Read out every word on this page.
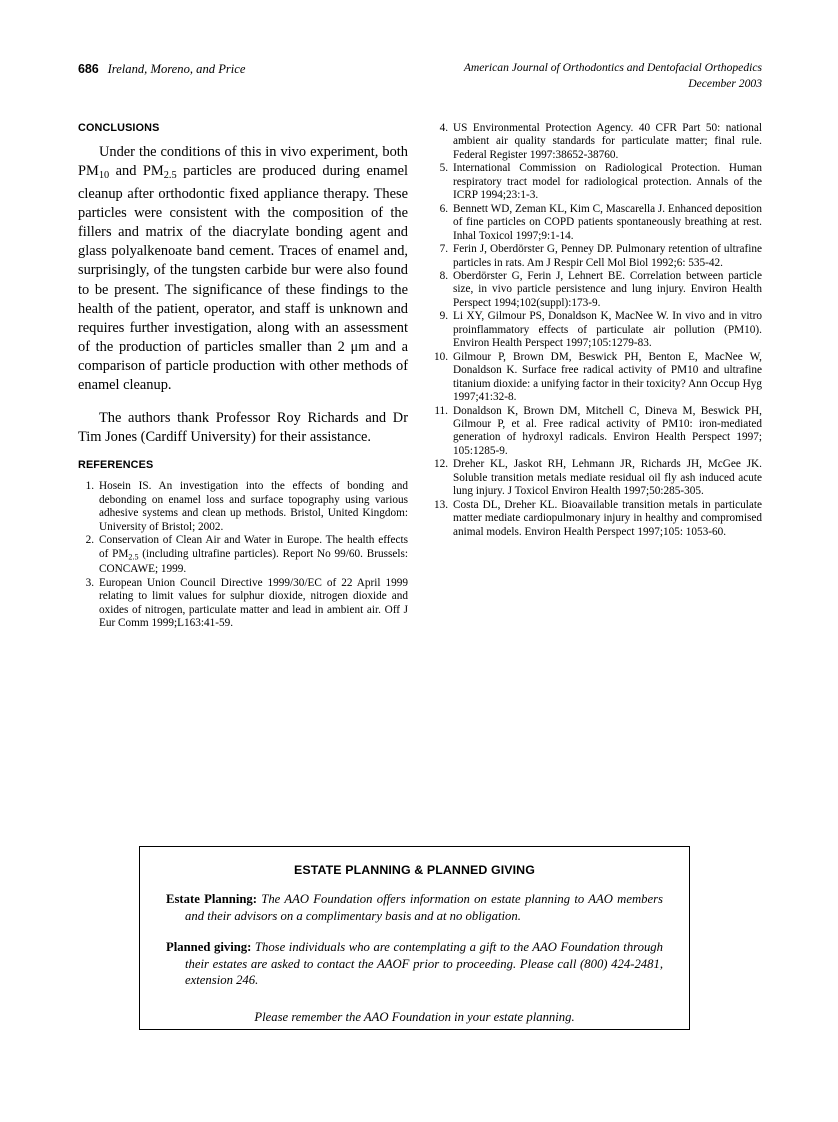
686 Ireland, Moreno, and Price	American Journal of Orthodontics and Dentofacial Orthopedics
December 2003
CONCLUSIONS

Under the conditions of this in vivo experiment, both $PM_{10}$ and $PM_{2.5}$ particles are produced during enamel cleanup after orthodontic fixed appliance therapy. These particles were consistent with the composition of the fillers and matrix of the diacrylate bonding agent and glass polyalkenoate band cement. Traces of enamel and, surprisingly, of the tungsten carbide bur were also found to be present. The significance of these findings to the health of the patient, operator, and staff is unknown and requires further investigation, along with an assessment of the production of particles smaller than 2 μm and a comparison of particle production with other methods of enamel cleanup.

The authors thank Professor Roy Richards and Dr Tim Jones (Cardiff University) for their assistance.

REFERENCES
1. Hosein IS. An investigation into the effects of bonding and debonding on enamel loss and surface topography using various adhesive systems and clean up methods. Bristol, United Kingdom: University of Bristol; 2002.
2. Conservation of Clean Air and Water in Europe. The health effects of $PM_{2.5}$ (including ultrafine particles). Report No 99/60. Brussels: CONCAWE; 1999.
3. European Union Council Directive 1999/30/EC of 22 April 1999 relating to limit values for sulphur dioxide, nitrogen dioxide and oxides of nitrogen, particulate matter and lead in ambient air. Off J Eur Comm 1999;L163:41-59.
4. US Environmental Protection Agency. 40 CFR Part 50: national ambient air quality standards for particulate matter; final rule. Federal Register 1997:38652-38760.
5. International Commission on Radiological Protection. Human respiratory tract model for radiological protection. Annals of the ICRP 1994;23:1-3.
6. Bennett WD, Zeman KL, Kim C, Mascarella J. Enhanced deposition of fine particles on COPD patients spontaneously breathing at rest. Inhal Toxicol 1997;9:1-14.
7. Ferin J, Oberdörster G, Penney DP. Pulmonary retention of ultrafine particles in rats. Am J Respir Cell Mol Biol 1992;6: 535-42.
8. Oberdörster G, Ferin J, Lehnert BE. Correlation between particle size, in vivo particle persistence and lung injury. Environ Health Perspect 1994;102(suppl):173-9.
9. Li XY, Gilmour PS, Donaldson K, MacNee W. In vivo and in vitro proinflammatory effects of particulate air pollution (PM10). Environ Health Perspect 1997;105:1279-83.
10. Gilmour P, Brown DM, Beswick PH, Benton E, MacNee W, Donaldson K. Surface free radical activity of PM10 and ultrafine titanium dioxide: a unifying factor in their toxicity? Ann Occup Hyg 1997;41:32-8.
11. Donaldson K, Brown DM, Mitchell C, Dineva M, Beswick PH, Gilmour P, et al. Free radical activity of PM10: iron-mediated generation of hydroxyl radicals. Environ Health Perspect 1997; 105:1285-9.
12. Dreher KL, Jaskot RH, Lehmann JR, Richards JH, McGee JK. Soluble transition metals mediate residual oil fly ash induced acute lung injury. J Toxicol Environ Health 1997;50:285-305.
13. Costa DL, Dreher KL. Bioavailable transition metals in particulate matter mediate cardiopulmonary injury in healthy and compromised animal models. Environ Health Perspect 1997;105: 1053-60.
ESTATE PLANNING & PLANNED GIVING

Estate Planning: The AAO Foundation offers information on estate planning to AAO members and their advisors on a complimentary basis and at no obligation.

Planned giving: Those individuals who are contemplating a gift to the AAO Foundation through their estates are asked to contact the AAOF prior to proceeding. Please call (800) 424-2481, extension 246.

Please remember the AAO Foundation in your estate planning.
